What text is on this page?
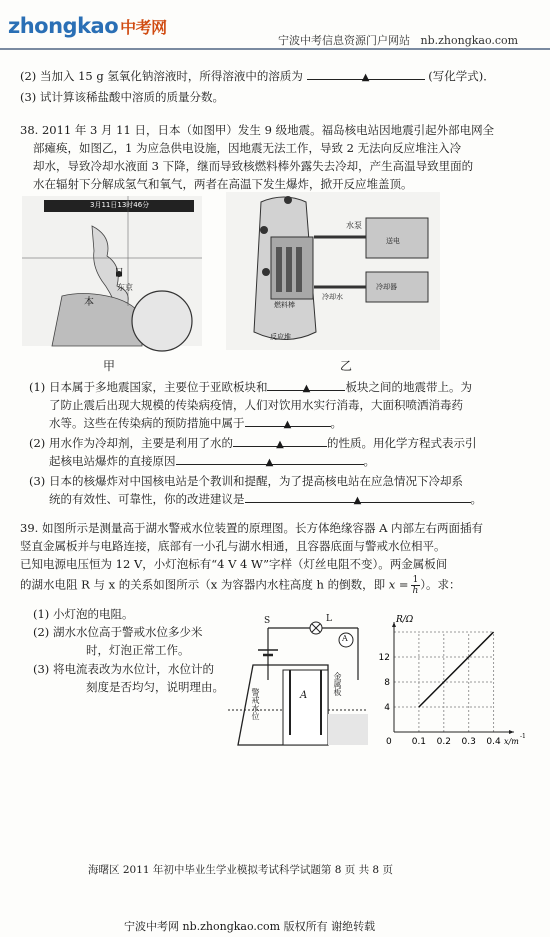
zhongkao 中考网
宁波中考信息资源门户网站 nb.zhongkao.com
(2) 当加入 15 g 氢氧化钠溶液时，所得溶液中的溶质为	▲	(写化学式)．
(3) 试计算该稀盐酸中溶质的质量分数。
38. 2011 年 3 月 11 日，日本（如图甲）发生 9 级地震。福岛核电站因地震引起外部电网全
部瘫痪，如图乙，1 为应急供电设施，因地震无法工作，导致 2 无法向反应堆注入冷
却水，导致冷却水液面 3 下降，继而导致核燃料棒外露失去冷却，产生高温导致里面的
水在辐射下分解成氢气和氧气，两者在高温下发生爆炸，掀开反应堆盖顶。
3月11日13时46分
日
本
东京
水泵
燃料棒
冷却水
冷却器
送电
反应堆
甲	乙
(1) 日本属于多地震国家，主要位于亚欧板块和	▲	板块之间的地震带上。为
了防止震后出现大规模的传染病疫情，人们对饮用水实行消毒，大面积喷洒消毒药
水等。这些在传染病的预防措施中属于	▲	。
(2) 用水作为冷却剂，主要是利用了水的	▲	的性质。用化学方程式表示引
起核电站爆炸的直接原因	▲	。
(3) 日本的核爆炸对中国核电站是个教训和提醒，为了提高核电站在应急情况下冷却系
统的有效性、可靠性，你的改进建议是	▲	。
39. 如图所示是测量高于湖水警戒水位装置的原理图。长方体绝缘容器 A 内部左右两面插有
竖直金属板并与电路连接，底部有一小孔与湖水相通，且容器底面与警戒水位相平。
已知电源电压恒为 12 V，小灯泡标有“4 V 4 W”字样（灯丝电阻不变）。两金属板间
的湖水电阻 R 与 x 的关系如图所示（x 为容器内水柱高度 h 的倒数，即 $x = \frac{1}{h}$ ）。求：
(1) 小灯泡的电阻。
(2) 湖水水位高于警戒水位多少米
时，灯泡正常工作。
(3) 将电流表改为水位计，水位计的
刻度是否均匀，说明理由。
S	L
A
A	金属板
警戒水位
0.1 0.2 0.3 0.4
4
8
12
0
R/Ω
x/m
-1
海曙区 2011 年初中毕业生学业模拟考试科学试题第 8 页 共 8 页
宁波中考网 nb.zhongkao.com 版权所有 谢绝转载
